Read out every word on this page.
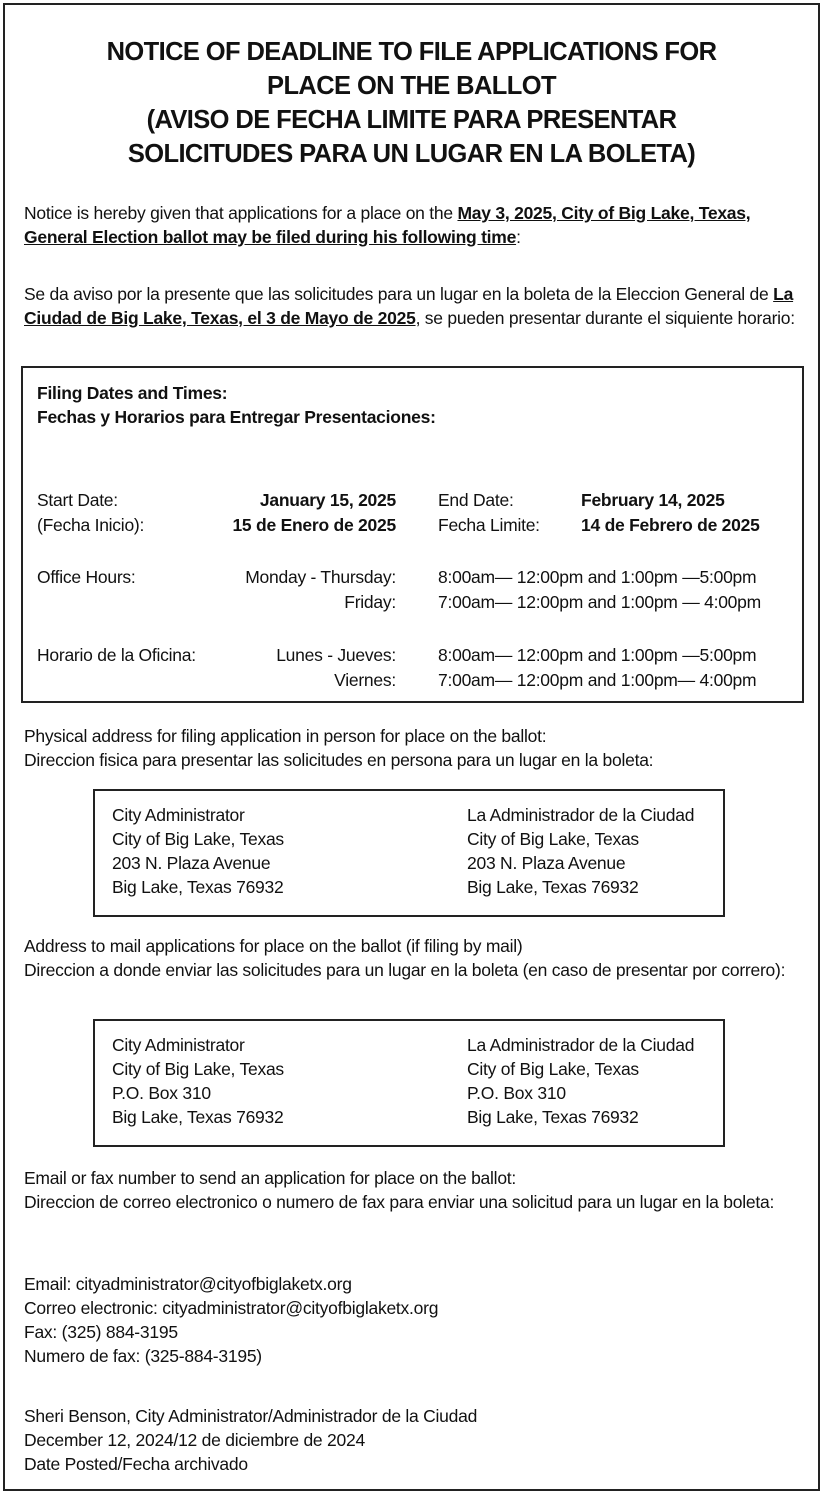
NOTICE OF DEADLINE TO FILE APPLICATIONS FOR
PLACE ON THE BALLOT
(AVISO DE FECHA LIMITE PARA PRESENTAR
SOLICITUDES PARA UN LUGAR EN LA BOLETA)
Notice is hereby given that applications for a place on the May 3, 2025, City of Big Lake, Texas, General Election ballot may be filed during his following time:
Se da aviso por la presente que las solicitudes para un lugar en la boleta de la Eleccion General de La Ciudad de Big Lake, Texas, el 3 de Mayo de 2025, se pueden presentar durante el siquiente horario:
Filing Dates and Times:
Fechas y Horarios para Entregar Presentaciones:
Start Date:
(Fecha Inicio):
January 15, 2025
15 de Enero de 2025
End Date:
Fecha Limite:
February 14, 2025
14 de Febrero de 2025
Office Hours:	Monday - Thursday:
Friday:
8:00am— 12:00pm and 1:00pm —5:00pm
7:00am— 12:00pm and 1:00pm — 4:00pm
Horario de la Oficina:	Lunes - Jueves:
Viernes:
8:00am— 12:00pm and 1:00pm —5:00pm
7:00am— 12:00pm and 1:00pm— 4:00pm
Physical address for filing application in person for place on the ballot:
Direccion fisica para presentar las solicitudes en persona para un lugar en la boleta:
City Administrator
City of Big Lake, Texas
203 N. Plaza Avenue
Big Lake, Texas 76932
La Administrador de la Ciudad
City of Big Lake, Texas
203 N. Plaza Avenue
Big Lake, Texas 76932
Address to mail applications for place on the ballot (if filing by mail)
Direccion a donde enviar las solicitudes para un lugar en la boleta (en caso de presentar por correro):
City Administrator
City of Big Lake, Texas
P.O. Box 310
Big Lake, Texas 76932
La Administrador de la Ciudad
City of Big Lake, Texas
P.O. Box 310
Big Lake, Texas 76932
Email or fax number to send an application for place on the ballot:
Direccion de correo electronico o numero de fax para enviar una solicitud para un lugar en la boleta:
Email: cityadministrator@cityofbiglaketx.org
Correo electronic: cityadministrator@cityofbiglaketx.org
Fax: (325) 884-3195
Numero de fax: (325-884-3195)
Sheri Benson, City Administrator/Administrador de la Ciudad
December 12, 2024/12 de diciembre de 2024
Date Posted/Fecha archivado
